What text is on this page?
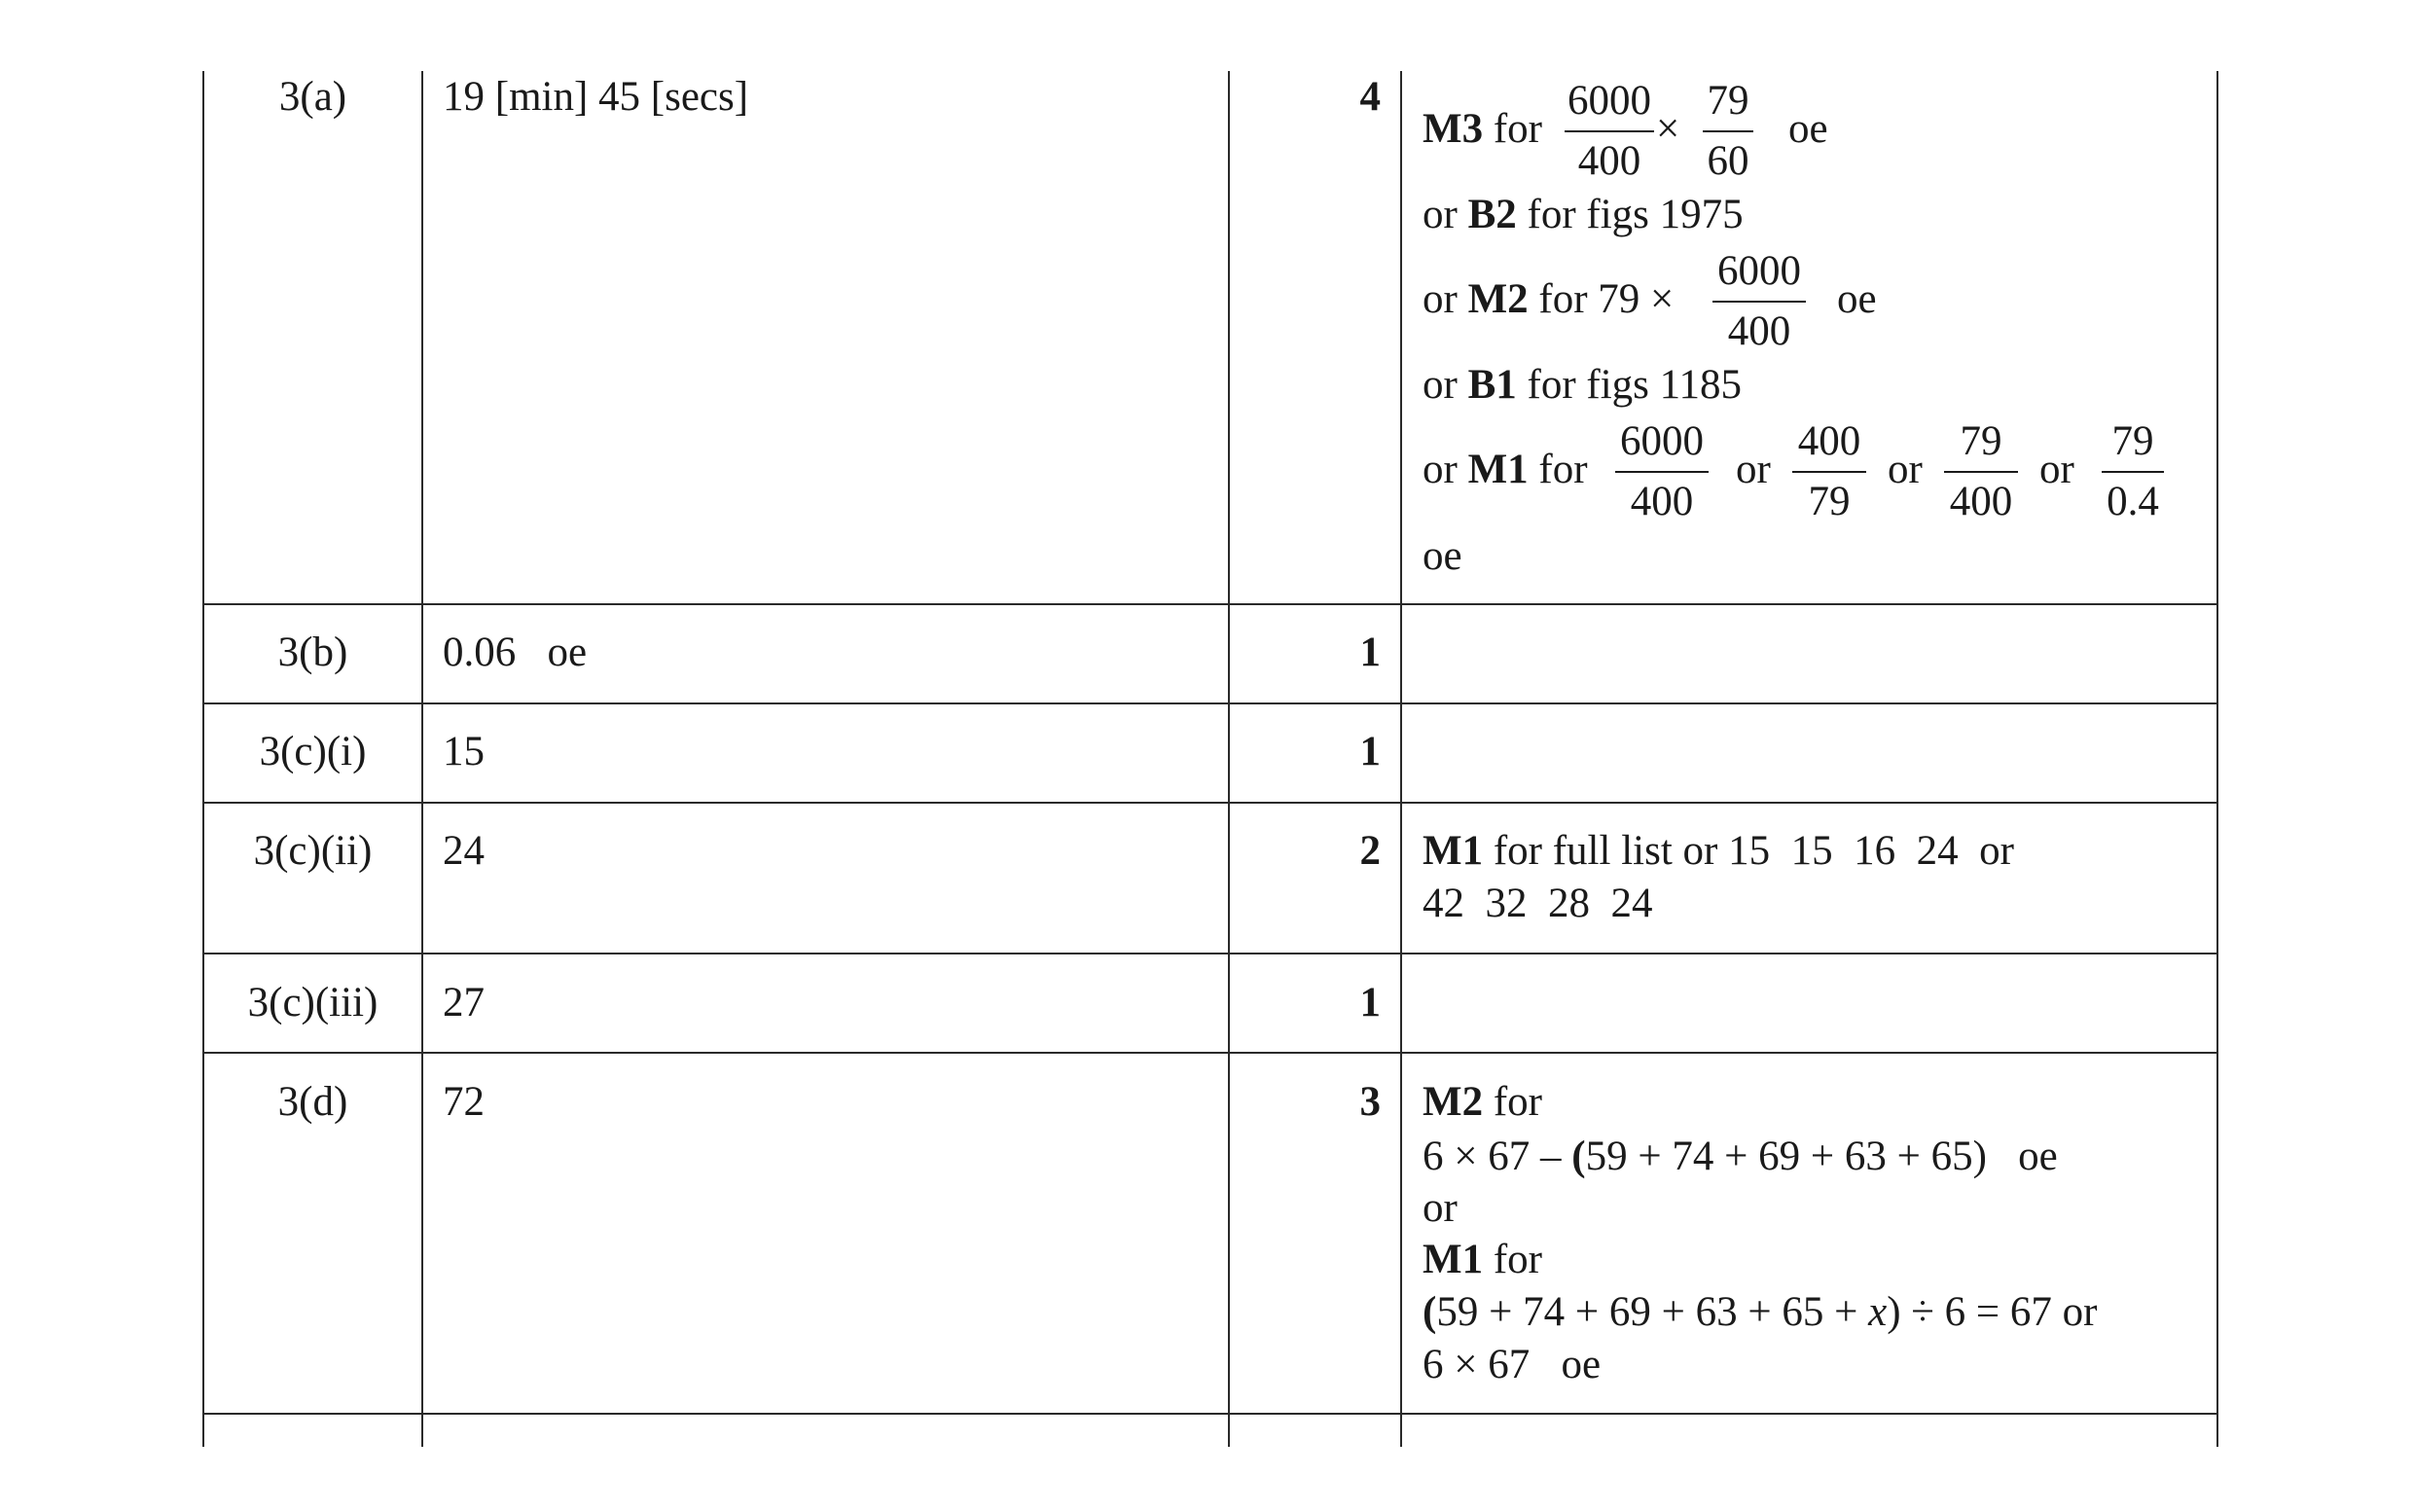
3(a)	19 [min] 45 [secs]	4
M3 for $\frac{6000}{400} \times \frac{79}{60}$ oe
or B2 for figs 1975
or M2 for $79 \times \frac{6000}{400}$ oe
or B1 for figs 1185
or M1 for $\frac{6000}{400}$ or $\frac{400}{79}$ or $\frac{79}{400}$ or $\frac{79}{0.4}$
oe
3(b)	0.06   oe	1
3(c)(i)	15	1
3(c)(ii)	24	2 M1 for full list or 15  15  16  24  or
42  32  28  24
3(c)(iii)	27	1
3(d)	72	3 M2 for
6 × 67 – (59 + 74 + 69 + 63 + 65)   oe
or
M1 for
(59 + 74 + 69 + 63 + 65 + x) ÷ 6 = 67 or
6 × 67   oe
